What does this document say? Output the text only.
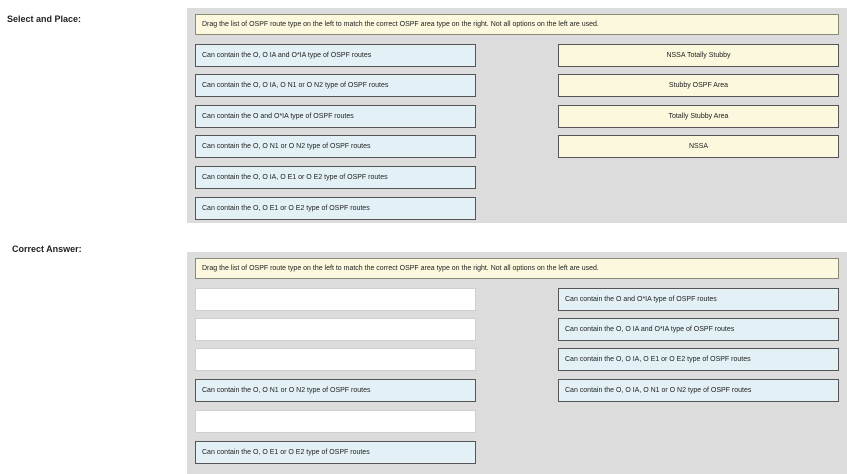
Select and Place:
Drag the list of OSPF route type on the left to match the correct OSPF area type on the right. Not all options on the left are used.
Can contain the O, O IA and O*IA type of OSPF routes
Can contain the O, O IA, O N1 or O N2 type of OSPF routes
Can contain the O and O*IA type of OSPF routes
Can contain the O, O N1 or O N2 type of OSPF routes
Can contain the O, O IA, O E1 or O E2 type of OSPF routes
Can contain the O, O E1 or O E2 type of OSPF routes
NSSA Totally Stubby
Stubby OSPF Area
Totally Stubby Area
NSSA
Correct Answer:
Drag the list of OSPF route type on the left to match the correct OSPF area type on the right. Not all options on the left are used.
Can contain the O, O N1 or O N2 type of OSPF routes
Can contain the O, O E1 or O E2 type of OSPF routes
Can contain the O and O*IA type of OSPF routes
Can contain the O, O IA and O*IA type of OSPF routes
Can contain the O, O IA, O E1 or O E2 type of OSPF routes
Can contain the O, O IA, O N1 or O N2 type of OSPF routes
